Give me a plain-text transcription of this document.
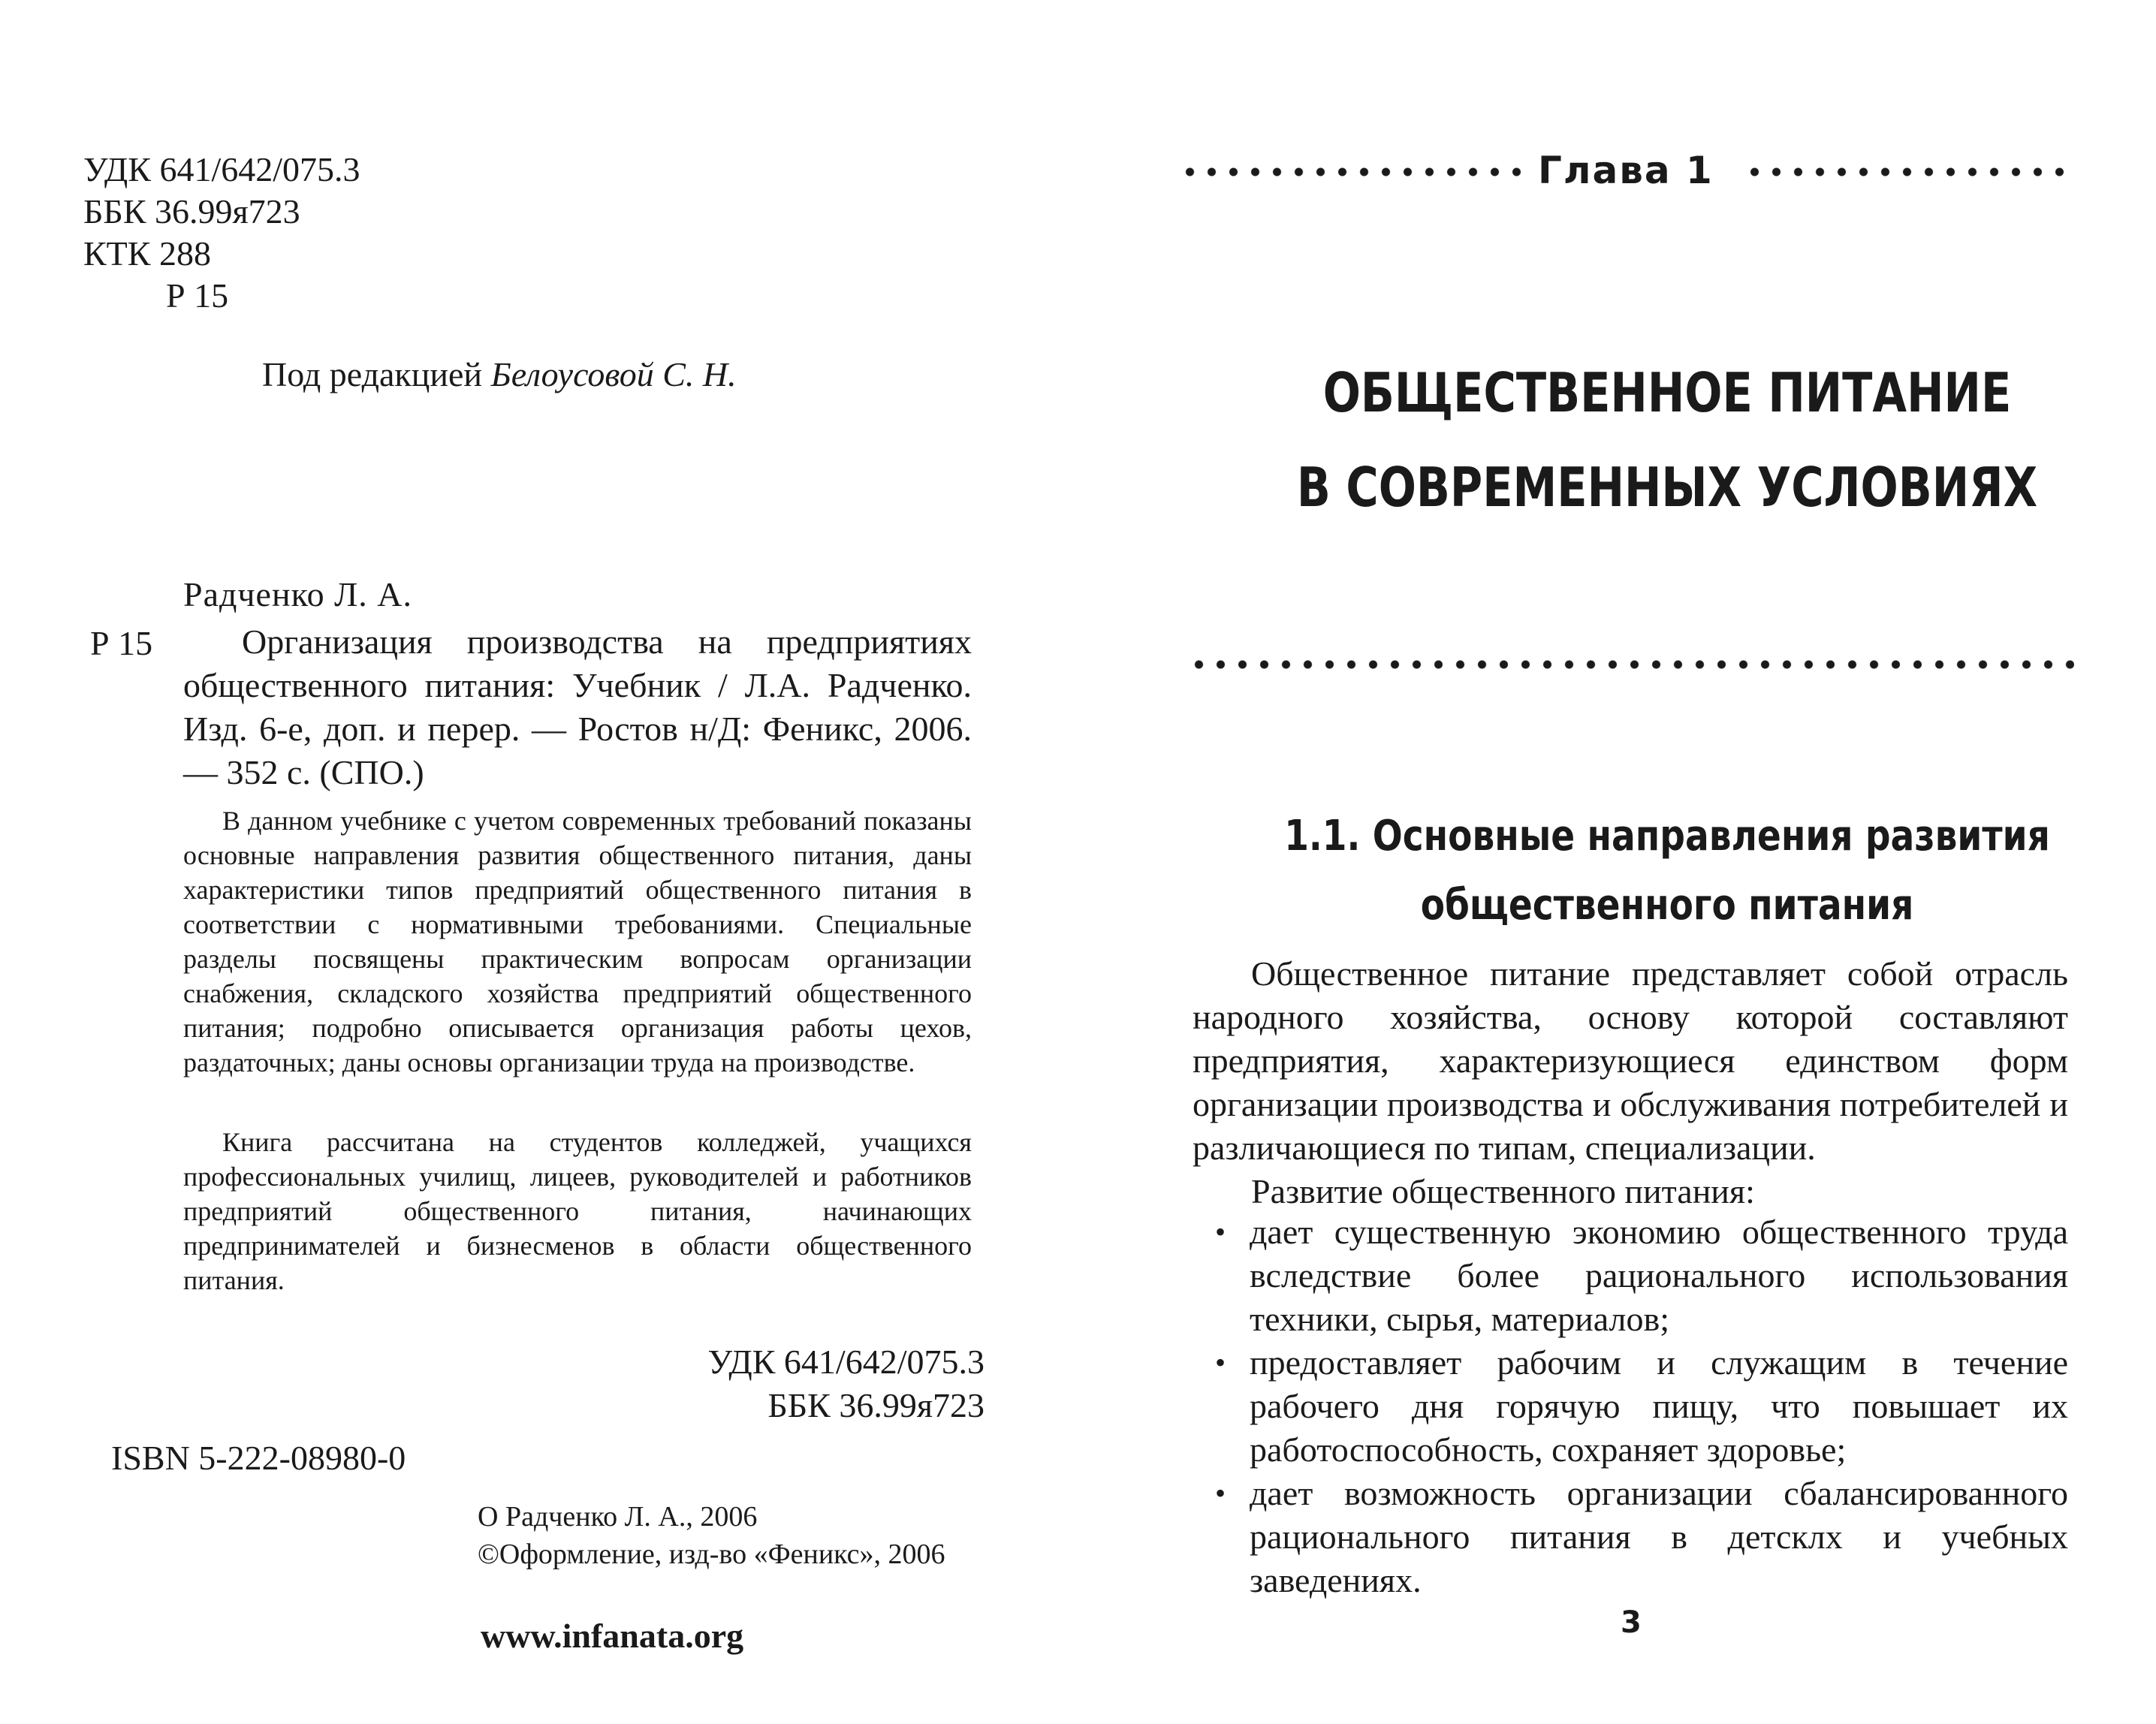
УДК 641/642/075.3
ББК 36.99я723
КТК 288
Р 15
Под редакцией Белоусовой С. Н.
Радченко Л. А.
Р 15	Организация производства на предприятиях общественного питания: Учебник / Л.А. Радченко. Изд. 6-е, доп. и перер. — Ростов н/Д: Феникс, 2006. — 352 с. (СПО.)
В данном учебнике с учетом современных требований показаны основные направления развития общественного питания, даны характеристики типов предприятий общественного питания в соответствии с нормативными требованиями. Специальные разделы посвящены практическим вопросам организации снабжения, складского хозяйства предприятий общественного питания; подробно описывается организация работы цехов, раздаточных; даны основы организации труда на производстве.
Книга рассчитана на студентов колледжей, учащихся профессиональных училищ, лицеев, руководителей и работников предприятий общественного питания, начинающих предпринимателей и бизнесменов в области общественного питания.
УДК 641/642/075.3
ББК 36.99я723
ISBN 5-222-08980-0
О Радченко Л. А., 2006
©Оформление, изд-во «Феникс», 2006
www.infanata.org
Глава 1
ОБЩЕСТВЕННОЕ ПИТАНИЕ
В СОВРЕМЕННЫХ УСЛОВИЯХ
1.1. Основные направления развития
общественного питания
Общественное питание представляет собой отрасль народного хозяйства, основу которой составляют предприятия, характеризующиеся единством форм организации производства и обслуживания потребителей и различающиеся по типам, специализации.
Развитие общественного питания:
• дает существенную экономию общественного труда вследствие более рационального использования техники, сырья, материалов;
• предоставляет рабочим и служащим в течение рабочего дня горячую пищу, что повышает их работоспособность, сохраняет здоровье;
• дает возможность организации сбалансированного рационального питания в детсклх и учебных заведениях.
3
